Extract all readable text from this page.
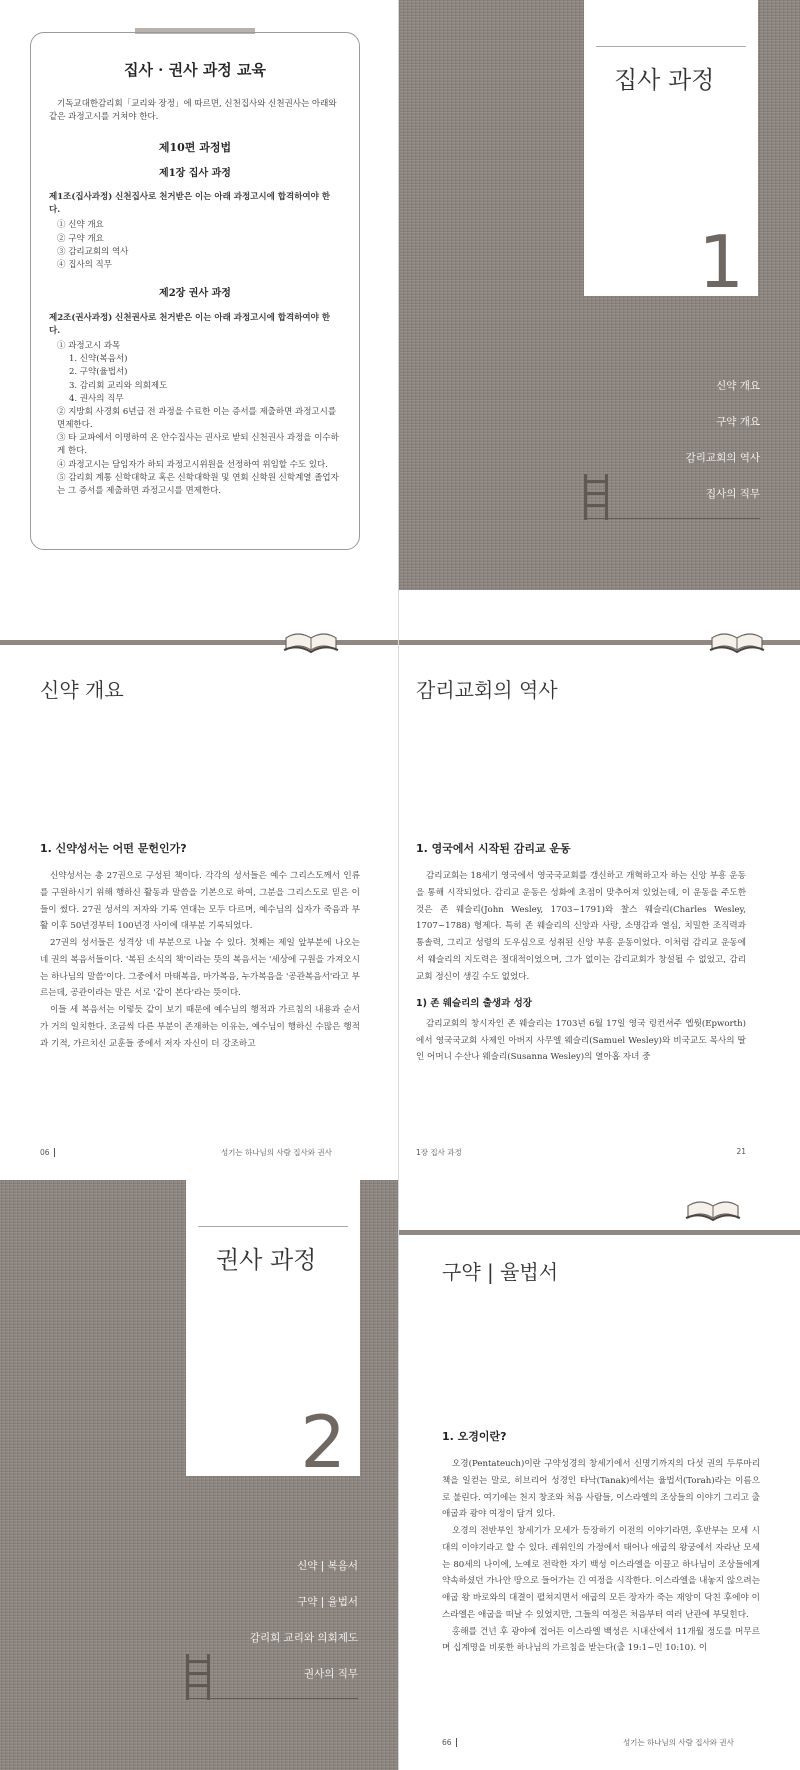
집사 · 권사 과정 교육

기독교대한감리회「교리와 장정」에 따르면, 신천집사와 신천권사는 아래와 같은 과정고시를 거쳐야 한다.

제10편 과정법
제1장 집사 과정
제1조(집사과정) 신천집사로 천거받은 이는 아래 과정고시에 합격하여야 한다.
① 신약 개요
② 구약 개요
③ 감리교회의 역사
④ 집사의 직무
제2장 권사 과정
제2조(권사과정) 신천권사로 천거받은 이는 아래 과정고시에 합격하여야 한다.
① 과정고시 과목
1. 신약(복음서)
2. 구약(율법서)
3. 감리회 교리와 의회제도
4. 권사의 직무
② 지방회 사경회 6년급 전 과정을 수료한 이는 증서를 제출하면 과정고시를 면제한다.
③ 타 교파에서 이명하여 온 안수집사는 권사로 받되 신천권사 과정을 이수하게 한다.
④ 과정고시는 담임자가 하되 과정고시위원을 선정하여 위임할 수도 있다.
⑤ 감리회 계통 신학대학교 혹은 신학대학원 및 연회 신학원 신학계열 졸업자는 그 증서를 제출하면 과정고시를 면제한다.
집사 과정
1
신약 개요
구약 개요
감리교회의 역사
집사의 직무
신약 개요
1. 신약성서는 어떤 문헌인가?

신약성서는 총 27권으로 구성된 책이다. 각각의 성서들은 예수 그리스도께서 인류를 구원하시기 위해 행하신 활동과 말씀을 기본으로 하여, 그분을 그리스도로 믿은 이들이 썼다. 27권 성서의 저자와 기록 연대는 모두 다르며, 예수님의 십자가 죽음과 부활 이후 50년경부터 100년경 사이에 대부분 기록되었다.

27권의 성서들은 성격상 네 부분으로 나눌 수 있다. 첫째는 제일 앞부분에 나오는 네 권의 복음서들이다. '복된 소식의 책'이라는 뜻의 복음서는 '세상에 구원을 가져오시는 하나님의 말씀'이다. 그중에서 마태복음, 마가복음, 누가복음을 '공관복음서'라고 부르는데, 공관이라는 말은 서로 '같이 본다'라는 뜻이다.

이들 세 복음서는 이렇듯 같이 보기 때문에 예수님의 행적과 가르침의 내용과 순서가 거의 일치한다. 조금씩 다른 부분이 존재하는 이유는, 예수님이 행하신 수많은 행적과 기적, 가르치신 교훈들 중에서 저자 자신이 더 강조하고

06	성기는 하나님의 사람 집사와 권사
감리교회의 역사
1. 영국에서 시작된 감리교 운동

감리교회는 18세기 영국에서 영국국교회를 갱신하고 개혁하고자 하는 신앙 부흥 운동을 통해 시작되었다. 감리교 운동은 성화에 초점이 맞추어져 있었는데, 이 운동을 주도한 것은 존 웨슬리(John Wesley, 1703~1791)와 찰스 웨슬리(Charles Wesley, 1707~1788) 형제다. 특히 존 웨슬리의 신앙과 사랑, 소명감과 열심, 치밀한 조직력과 통솔력, 그리고 성령의 도우심으로 성취된 신앙 부흥 운동이었다. 이처럼 감리교 운동에서 웨슬리의 지도력은 절대적이었으며, 그가 없이는 감리교회가 창설될 수 없었고, 감리교회 정신이 생길 수도 없었다.

1) 존 웨슬리의 출생과 성장

감리교회의 창시자인 존 웨슬리는 1703년 6월 17일 영국 링컨셔주 엡웟(Epworth)에서 영국국교회 사제인 아버지 사무엘 웨슬리(Samuel Wesley)와 비국교도 목사의 딸인 어머니 수산나 웨슬리(Susanna Wesley)의 열아홉 자녀 중

1장 집사 과정	21
권사 과정
2
신약 | 복음서
구약 | 율법서
감리회 교리와 의회제도
권사의 직무
구약 | 율법서
1. 오경이란?

오경(Pentateuch)이란 구약성경의 창세기에서 신명기까지의 다섯 권의 두루마리 책을 일컫는 말로, 히브리어 성경인 타낙(Tanak)에서는 율법서(Torah)라는 이름으로 불린다. 여기에는 천지 창조와 처음 사람들, 이스라엘의 조상들의 이야기 그리고 출애굽과 광야 여정이 담겨 있다.

오경의 전반부인 창세기가 모세가 등장하기 이전의 이야기라면, 후반부는 모세 시대의 이야기라고 할 수 있다. 레위인의 가정에서 태어나 애굽의 왕궁에서 자라난 모세는 80세의 나이에, 노예로 전락한 자기 백성 이스라엘을 이끌고 하나님이 조상들에게 약속하셨던 가나안 땅으로 들어가는 긴 여정을 시작한다. 이스라엘을 내놓지 않으려는 애굽 왕 바로와의 대결이 펼쳐지면서 애굽의 모든 장자가 죽는 재앙이 닥친 후에야 이스라엘은 애굽을 떠날 수 있었지만, 그들의 여정은 처음부터 여러 난관에 부딪힌다.

홍해를 건넌 후 광야에 접어든 이스라엘 백성은 시내산에서 11개월 정도를 머무르며 십계명을 비롯한 하나님의 가르침을 받는다(출 19:1~민 10:10). 이

66	성기는 하나님의 사람 집사와 권사
